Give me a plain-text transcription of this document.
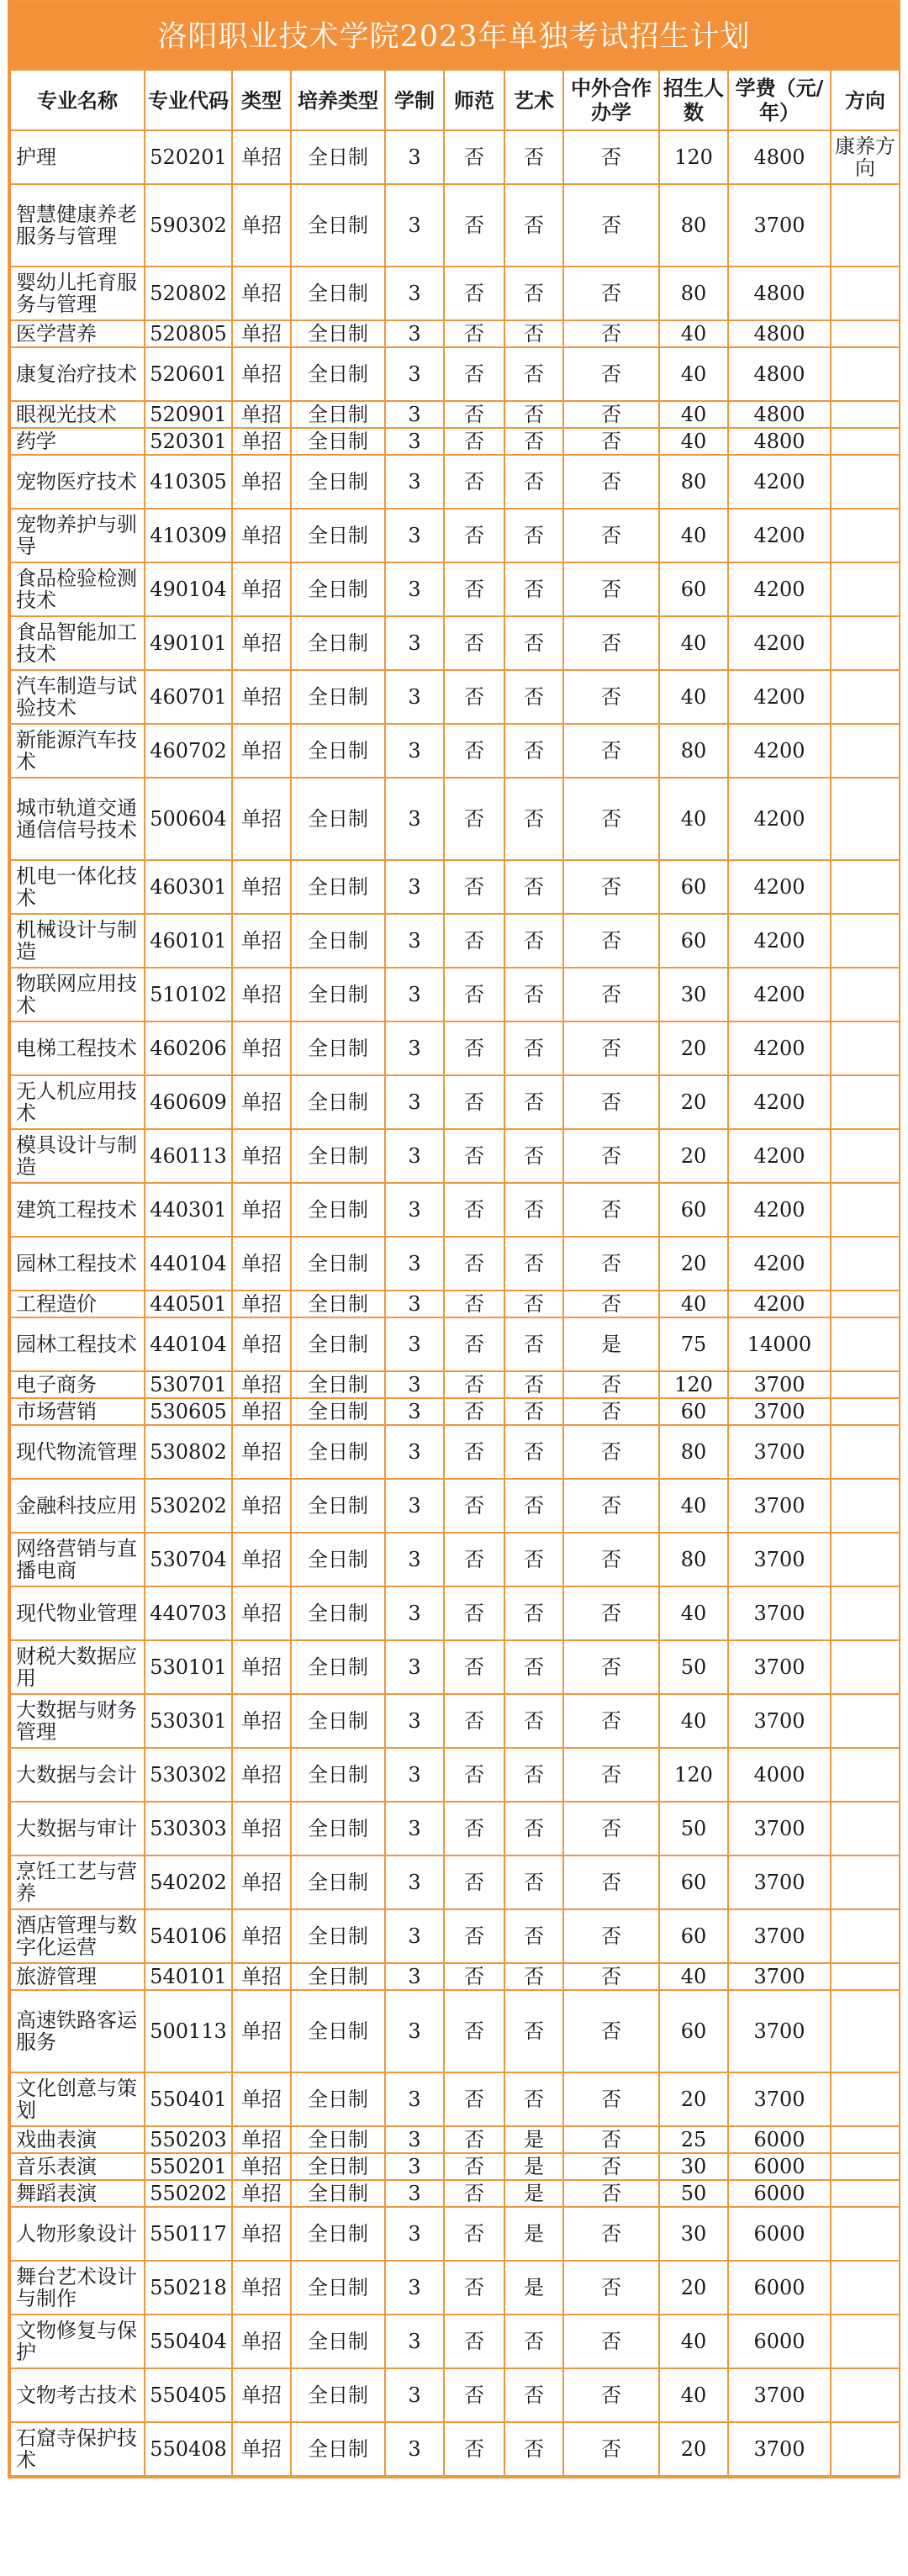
洛阳职业技术学院2023年单独考试招生计划
专业名称	专业代码	类型	培养类型	学制	师范	艺术	中外合作办学	招生人数	学费（元/年）	方向
护理	520201	单招	全日制	3	否	否	否	120	4800	康养方向
智慧健康养老服务与管理	590302	单招	全日制	3	否	否	否	80	3700	
婴幼儿托育服务与管理	520802	单招	全日制	3	否	否	否	80	4800	
医学营养	520805	单招	全日制	3	否	否	否	40	4800	
康复治疗技术	520601	单招	全日制	3	否	否	否	40	4800	
眼视光技术	520901	单招	全日制	3	否	否	否	40	4800	
药学	520301	单招	全日制	3	否	否	否	40	4800	
宠物医疗技术	410305	单招	全日制	3	否	否	否	80	4200	
宠物养护与驯导	410309	单招	全日制	3	否	否	否	40	4200	
食品检验检测技术	490104	单招	全日制	3	否	否	否	60	4200	
食品智能加工技术	490101	单招	全日制	3	否	否	否	40	4200	
汽车制造与试验技术	460701	单招	全日制	3	否	否	否	40	4200	
新能源汽车技术	460702	单招	全日制	3	否	否	否	80	4200	
城市轨道交通通信信号技术	500604	单招	全日制	3	否	否	否	40	4200	
机电一体化技术	460301	单招	全日制	3	否	否	否	60	4200	
机械设计与制造	460101	单招	全日制	3	否	否	否	60	4200	
物联网应用技术	510102	单招	全日制	3	否	否	否	30	4200	
电梯工程技术	460206	单招	全日制	3	否	否	否	20	4200	
无人机应用技术	460609	单招	全日制	3	否	否	否	20	4200	
模具设计与制造	460113	单招	全日制	3	否	否	否	20	4200	
建筑工程技术	440301	单招	全日制	3	否	否	否	60	4200	
园林工程技术	440104	单招	全日制	3	否	否	否	20	4200	
工程造价	440501	单招	全日制	3	否	否	否	40	4200	
园林工程技术	440104	单招	全日制	3	否	否	是	75	14000	
电子商务	530701	单招	全日制	3	否	否	否	120	3700	
市场营销	530605	单招	全日制	3	否	否	否	60	3700	
现代物流管理	530802	单招	全日制	3	否	否	否	80	3700	
金融科技应用	530202	单招	全日制	3	否	否	否	40	3700	
网络营销与直播电商	530704	单招	全日制	3	否	否	否	80	3700	
现代物业管理	440703	单招	全日制	3	否	否	否	40	3700	
财税大数据应用	530101	单招	全日制	3	否	否	否	50	3700	
大数据与财务管理	530301	单招	全日制	3	否	否	否	40	3700	
大数据与会计	530302	单招	全日制	3	否	否	否	120	4000	
大数据与审计	530303	单招	全日制	3	否	否	否	50	3700	
烹饪工艺与营养	540202	单招	全日制	3	否	否	否	60	3700	
酒店管理与数字化运营	540106	单招	全日制	3	否	否	否	60	3700	
旅游管理	540101	单招	全日制	3	否	否	否	40	3700	
高速铁路客运服务	500113	单招	全日制	3	否	否	否	60	3700	
文化创意与策划	550401	单招	全日制	3	否	否	否	20	3700	
戏曲表演	550203	单招	全日制	3	否	是	否	25	6000	
音乐表演	550201	单招	全日制	3	否	是	否	30	6000	
舞蹈表演	550202	单招	全日制	3	否	是	否	50	6000	
人物形象设计	550117	单招	全日制	3	否	是	否	30	6000	
舞台艺术设计与制作	550218	单招	全日制	3	否	是	否	20	6000	
文物修复与保护	550404	单招	全日制	3	否	否	否	40	6000	
文物考古技术	550405	单招	全日制	3	否	否	否	40	3700	
石窟寺保护技术	550408	单招	全日制	3	否	否	否	20	3700	
